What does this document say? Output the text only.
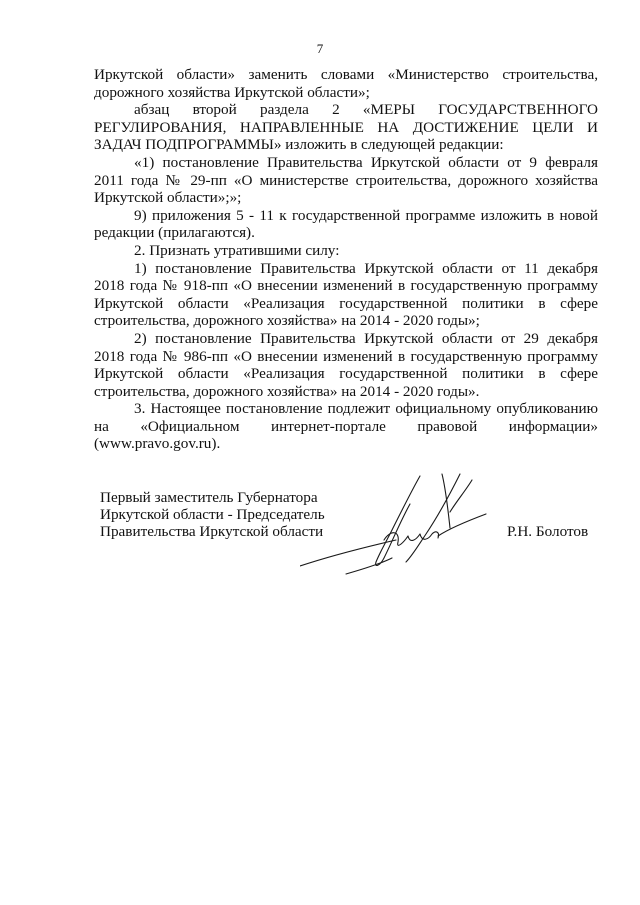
7

Иркутской области» заменить словами «Министерство строительства, дорожного хозяйства Иркутской области»;

абзац второй раздела 2 «МЕРЫ ГОСУДАРСТВЕННОГО РЕГУЛИРОВАНИЯ, НАПРАВЛЕННЫЕ НА ДОСТИЖЕНИЕ ЦЕЛИ И ЗАДАЧ ПОДПРОГРАММЫ» изложить в следующей редакции:

«1) постановление Правительства Иркутской области от 9 февраля 2011 года № 29-пп «О министерстве строительства, дорожного хозяйства Иркутской области»;»;

9) приложения 5 - 11 к государственной программе изложить в новой редакции (прилагаются).

2. Признать утратившими силу:

1) постановление Правительства Иркутской области от 11 декабря 2018 года № 918-пп «О внесении изменений в государственную программу Иркутской области «Реализация государственной политики в сфере строительства, дорожного хозяйства» на 2014 - 2020 годы»;

2) постановление Правительства Иркутской области от 29 декабря 2018 года № 986-пп «О внесении изменений в государственную программу Иркутской области «Реализация государственной политики в сфере строительства, дорожного хозяйства» на 2014 - 2020 годы».

3. Настоящее постановление подлежит официальному опубликованию на «Официальном интернет-портале правовой информации» (www.pravo.gov.ru).

Первый заместитель Губернатора
Иркутской области - Председатель
Правительства Иркутской области	Р.Н. Болотов
